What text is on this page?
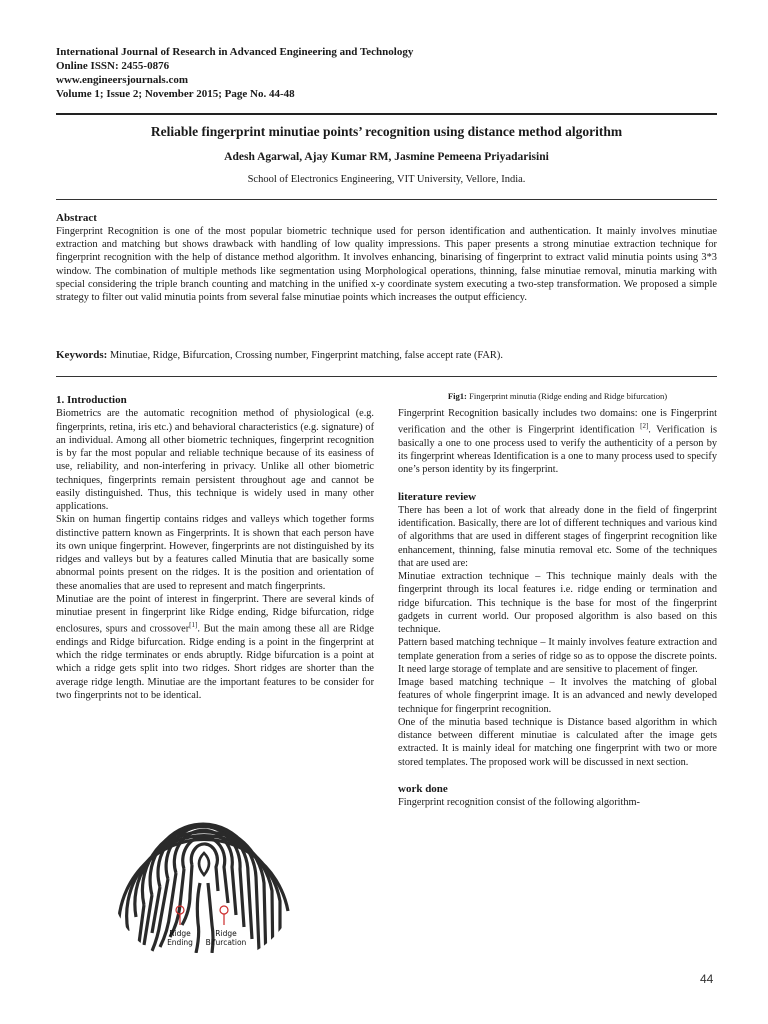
International Journal of Research in Advanced Engineering and Technology
Online ISSN: 2455-0876
www.engineersjournals.com
Volume 1; Issue 2; November 2015; Page No. 44-48
Reliable fingerprint minutiae points’ recognition using distance method algorithm
Adesh Agarwal, Ajay Kumar RM, Jasmine Pemeena Priyadarisini
School of Electronics Engineering, VIT University, Vellore, India.
Abstract
Fingerprint Recognition is one of the most popular biometric technique used for person identification and authentication. It mainly involves minutiae extraction and matching but shows drawback with handling of low quality impressions. This paper presents a strong minutiae extraction technique for fingerprint recognition with the help of distance method algorithm. It involves enhancing, binarising of fingerprint to extract valid minutia points using 3*3 window. The combination of multiple methods like segmentation using Morphological operations, thinning, false minutiae removal, minutia marking with special considering the triple branch counting and matching in the unified x-y coordinate system executing a two-step transformation. We proposed a simple strategy to filter out valid minutia points from several false minutiae points which increases the output efficiency.
Keywords: Minutiae, Ridge, Bifurcation, Crossing number, Fingerprint matching, false accept rate (FAR).

1. Introduction

Biometrics are the automatic recognition method of physiological (e.g. fingerprints, retina, iris etc.) and behavioral characteristics (e.g. signature) of an individual. Among all other biometric techniques, fingerprint recognition is by far the most popular and reliable technique because of its easiness of use, reliability, and non-interfering in privacy. Unlike all other biometric techniques, fingerprints remain persistent throughout age and cannot be easily distinguished. Thus, this technique is widely used in many other applications.

Skin on human fingertip contains ridges and valleys which together forms distinctive pattern known as Fingerprints. It is shown that each person have its own unique fingerprint. However, fingerprints are not distinguished by its ridges and valleys but by a features called Minutia that are basically some abnormal points present on the ridges. It is the position and orientation of these anomalies that are used to represent and match fingerprints.

Minutiae are the point of interest in fingerprint. There are several kinds of minutiae present in fingerprint like Ridge ending, Ridge bifurcation, ridge enclosures, spurs and crossover[1]. But the main among these all are Ridge endings and Ridge bifurcation. Ridge ending is a point in the fingerprint at which the ridge terminates or ends abruptly. Ridge bifurcation is a point at which a ridge gets split into two ridges. Short ridges are shorter than the average ridge length. Minutiae are the important features to be consider for two fingerprints not to be identical.

Ridge
Ending
Ridge
Bifurcation
Fig1: Fingerprint minutia (Ridge ending and Ridge bifurcation)

Fingerprint Recognition basically includes two domains: one is Fingerprint verification and the other is Fingerprint identification [2]. Verification is basically a one to one process used to verify the authenticity of a person by its fingerprint whereas Identification is a one to many process used to specify one’s person identity by its fingerprint.

literature review

There has been a lot of work that already done in the field of fingerprint identification. Basically, there are lot of different techniques and various kind of algorithms that are used in different stages of fingerprint recognition like enhancement, thinning, false minutia removal etc. Some of the techniques that are used are:

Minutiae extraction technique – This technique mainly deals with the fingerprint through its local features i.e. ridge ending or termination and ridge bifurcation. This technique is the base for most of the fingerprint gadgets in current world. Our proposed algorithm is also based on this technique.

Pattern based matching technique – It mainly involves feature extraction and template generation from a series of ridge so as to oppose the discrete points. It need large storage of template and are sensitive to placement of finger.

Image based matching technique – It involves the matching of global features of whole fingerprint image. It is an advanced and newly developed technique for fingerprint recognition.

One of the minutia based technique is Distance based algorithm in which distance between different minutiae is calculated after the image gets extracted. It is mainly ideal for matching one fingerprint with two or more stored templates. The proposed work will be discussed in next section.

work done

Fingerprint recognition consist of the following algorithm-

44
